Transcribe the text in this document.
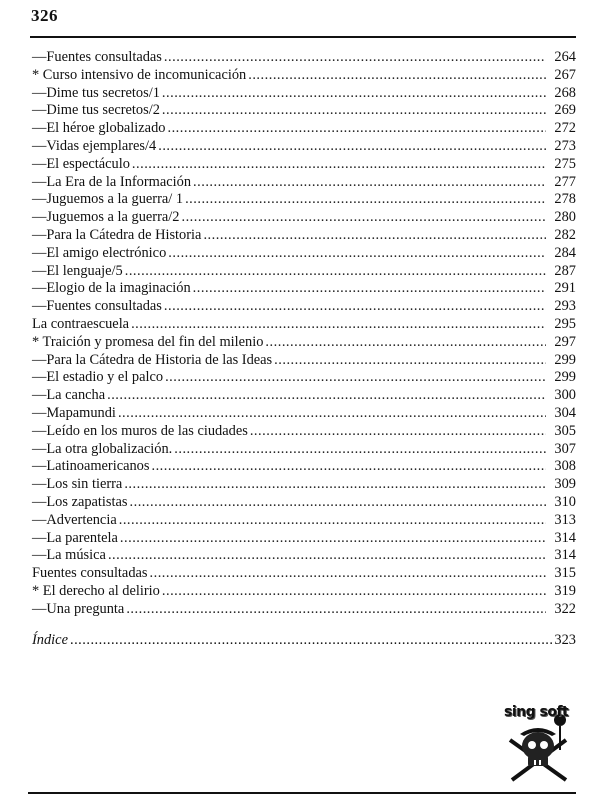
326
—Fuentes consultadas .....	264
* Curso intensivo de incomunicación .....	267
—Dime tus secretos/1 .....	268
—Dime tus secretos/2 .....	269
—El héroe globalizado .....	272
—Vidas ejemplares/4 .....	273
—El espectáculo .....	275
—La Era de la Información .....	277
—Juguemos a la guerra/ 1 .....	278
—Juguemos a la guerra/2 .....	280
—Para la Cátedra de Historia .....	282
—El amigo electrónico .....	284
—El lenguaje/5 .....	287
—Elogio de la imaginación .....	291
—Fuentes consultadas .....	293
La contraescuela .....	295
* Traición y promesa del fin del milenio .....	297
—Para la Cátedra de Historia de las Ideas .....	299
—El estadio y el palco .....	299
—La cancha .....	300
—Mapamundi .....	304
—Leído en los muros de las ciudades .....	305
—La otra globalización. .....	307
—Latinoamericanos .....	308
—Los sin tierra .....	309
—Los zapatistas .....	310
—Advertencia .....	313
—La parentela .....	314
—La música .....	314
Fuentes consultadas .....	315
* El derecho al delirio .....	319
—Una pregunta .....	322
Índice .....	323
sing soft
